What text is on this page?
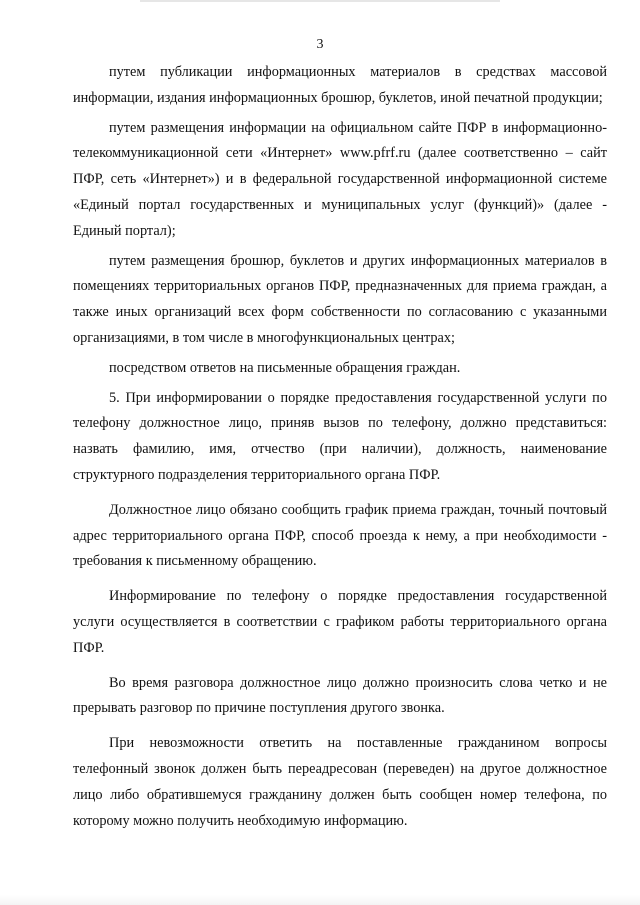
3

путем публикации информационных материалов в средствах массовой информации, издания информационных брошюр, буклетов, иной печатной продукции;

путем размещения информации на официальном сайте ПФР в информационно-телекоммуникационной сети «Интернет» www.pfrf.ru (далее соответственно – сайт ПФР, сеть «Интернет») и в федеральной государственной информационной системе «Единый портал государственных и муниципальных услуг (функций)» (далее - Единый портал);

путем размещения брошюр, буклетов и других информационных материалов в помещениях территориальных органов ПФР, предназначенных для приема граждан, а также иных организаций всех форм собственности по согласованию с указанными организациями, в том числе в многофункциональных центрах;

посредством ответов на письменные обращения граждан.

5. При информировании о порядке предоставления государственной услуги по телефону должностное лицо, приняв вызов по телефону, должно представиться: назвать фамилию, имя, отчество (при наличии), должность, наименование структурного подразделения территориального органа ПФР.

Должностное лицо обязано сообщить график приема граждан, точный почтовый адрес территориального органа ПФР, способ проезда к нему, а при необходимости - требования к письменному обращению.

Информирование по телефону о порядке предоставления государственной услуги осуществляется в соответствии с графиком работы территориального органа ПФР.

Во время разговора должностное лицо должно произносить слова четко и не прерывать разговор по причине поступления другого звонка.

При невозможности ответить на поставленные гражданином вопросы телефонный звонок должен быть переадресован (переведен) на другое должностное лицо либо обратившемуся гражданину должен быть сообщен номер телефона, по которому можно получить необходимую информацию.
